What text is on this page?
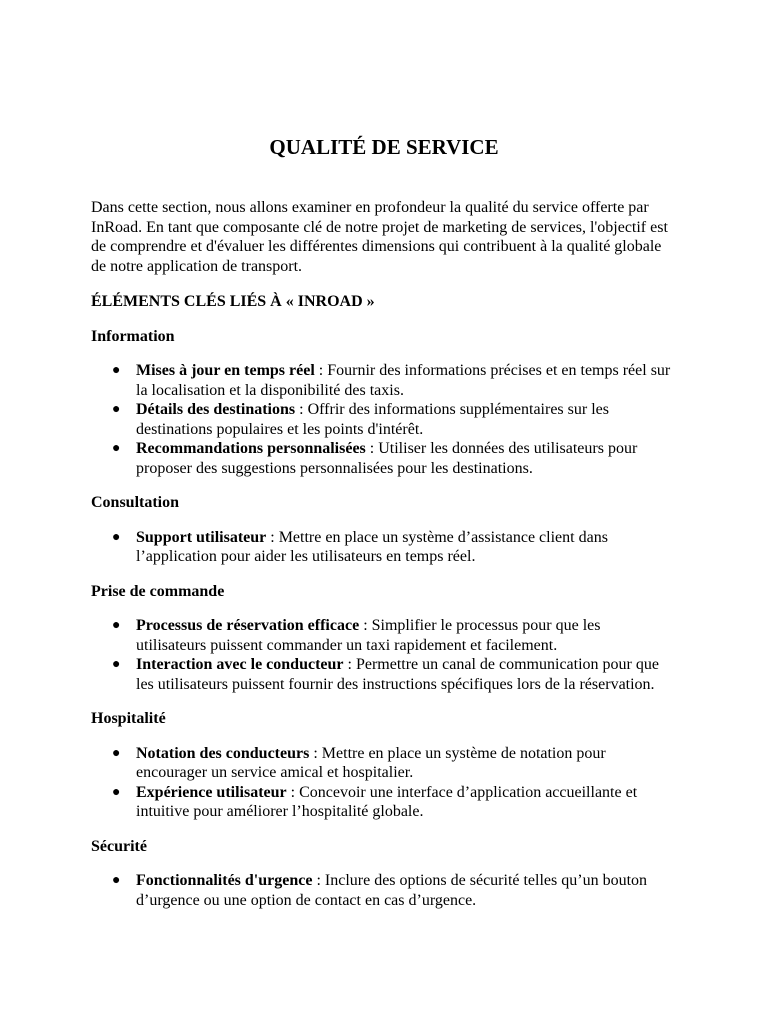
QUALITÉ DE SERVICE

Dans cette section, nous allons examiner en profondeur la qualité du service offerte par InRoad. En tant que composante clé de notre projet de marketing de services, l'objectif est de comprendre et d'évaluer les différentes dimensions qui contribuent à la qualité globale de notre application de transport.

ÉLÉMENTS CLÉS LIÉS À « INROAD »

Information

● Mises à jour en temps réel : Fournir des informations précises et en temps réel sur la localisation et la disponibilité des taxis.
● Détails des destinations : Offrir des informations supplémentaires sur les destinations populaires et les points d'intérêt.
● Recommandations personnalisées : Utiliser les données des utilisateurs pour proposer des suggestions personnalisées pour les destinations.

Consultation

● Support utilisateur : Mettre en place un système d’assistance client dans l’application pour aider les utilisateurs en temps réel.

Prise de commande

● Processus de réservation efficace : Simplifier le processus pour que les utilisateurs puissent commander un taxi rapidement et facilement.
● Interaction avec le conducteur : Permettre un canal de communication pour que les utilisateurs puissent fournir des instructions spécifiques lors de la réservation.

Hospitalité

● Notation des conducteurs : Mettre en place un système de notation pour encourager un service amical et hospitalier.
● Expérience utilisateur : Concevoir une interface d’application accueillante et intuitive pour améliorer l’hospitalité globale.

Sécurité

● Fonctionnalités d'urgence : Inclure des options de sécurité telles qu’un bouton d’urgence ou une option de contact en cas d’urgence.
